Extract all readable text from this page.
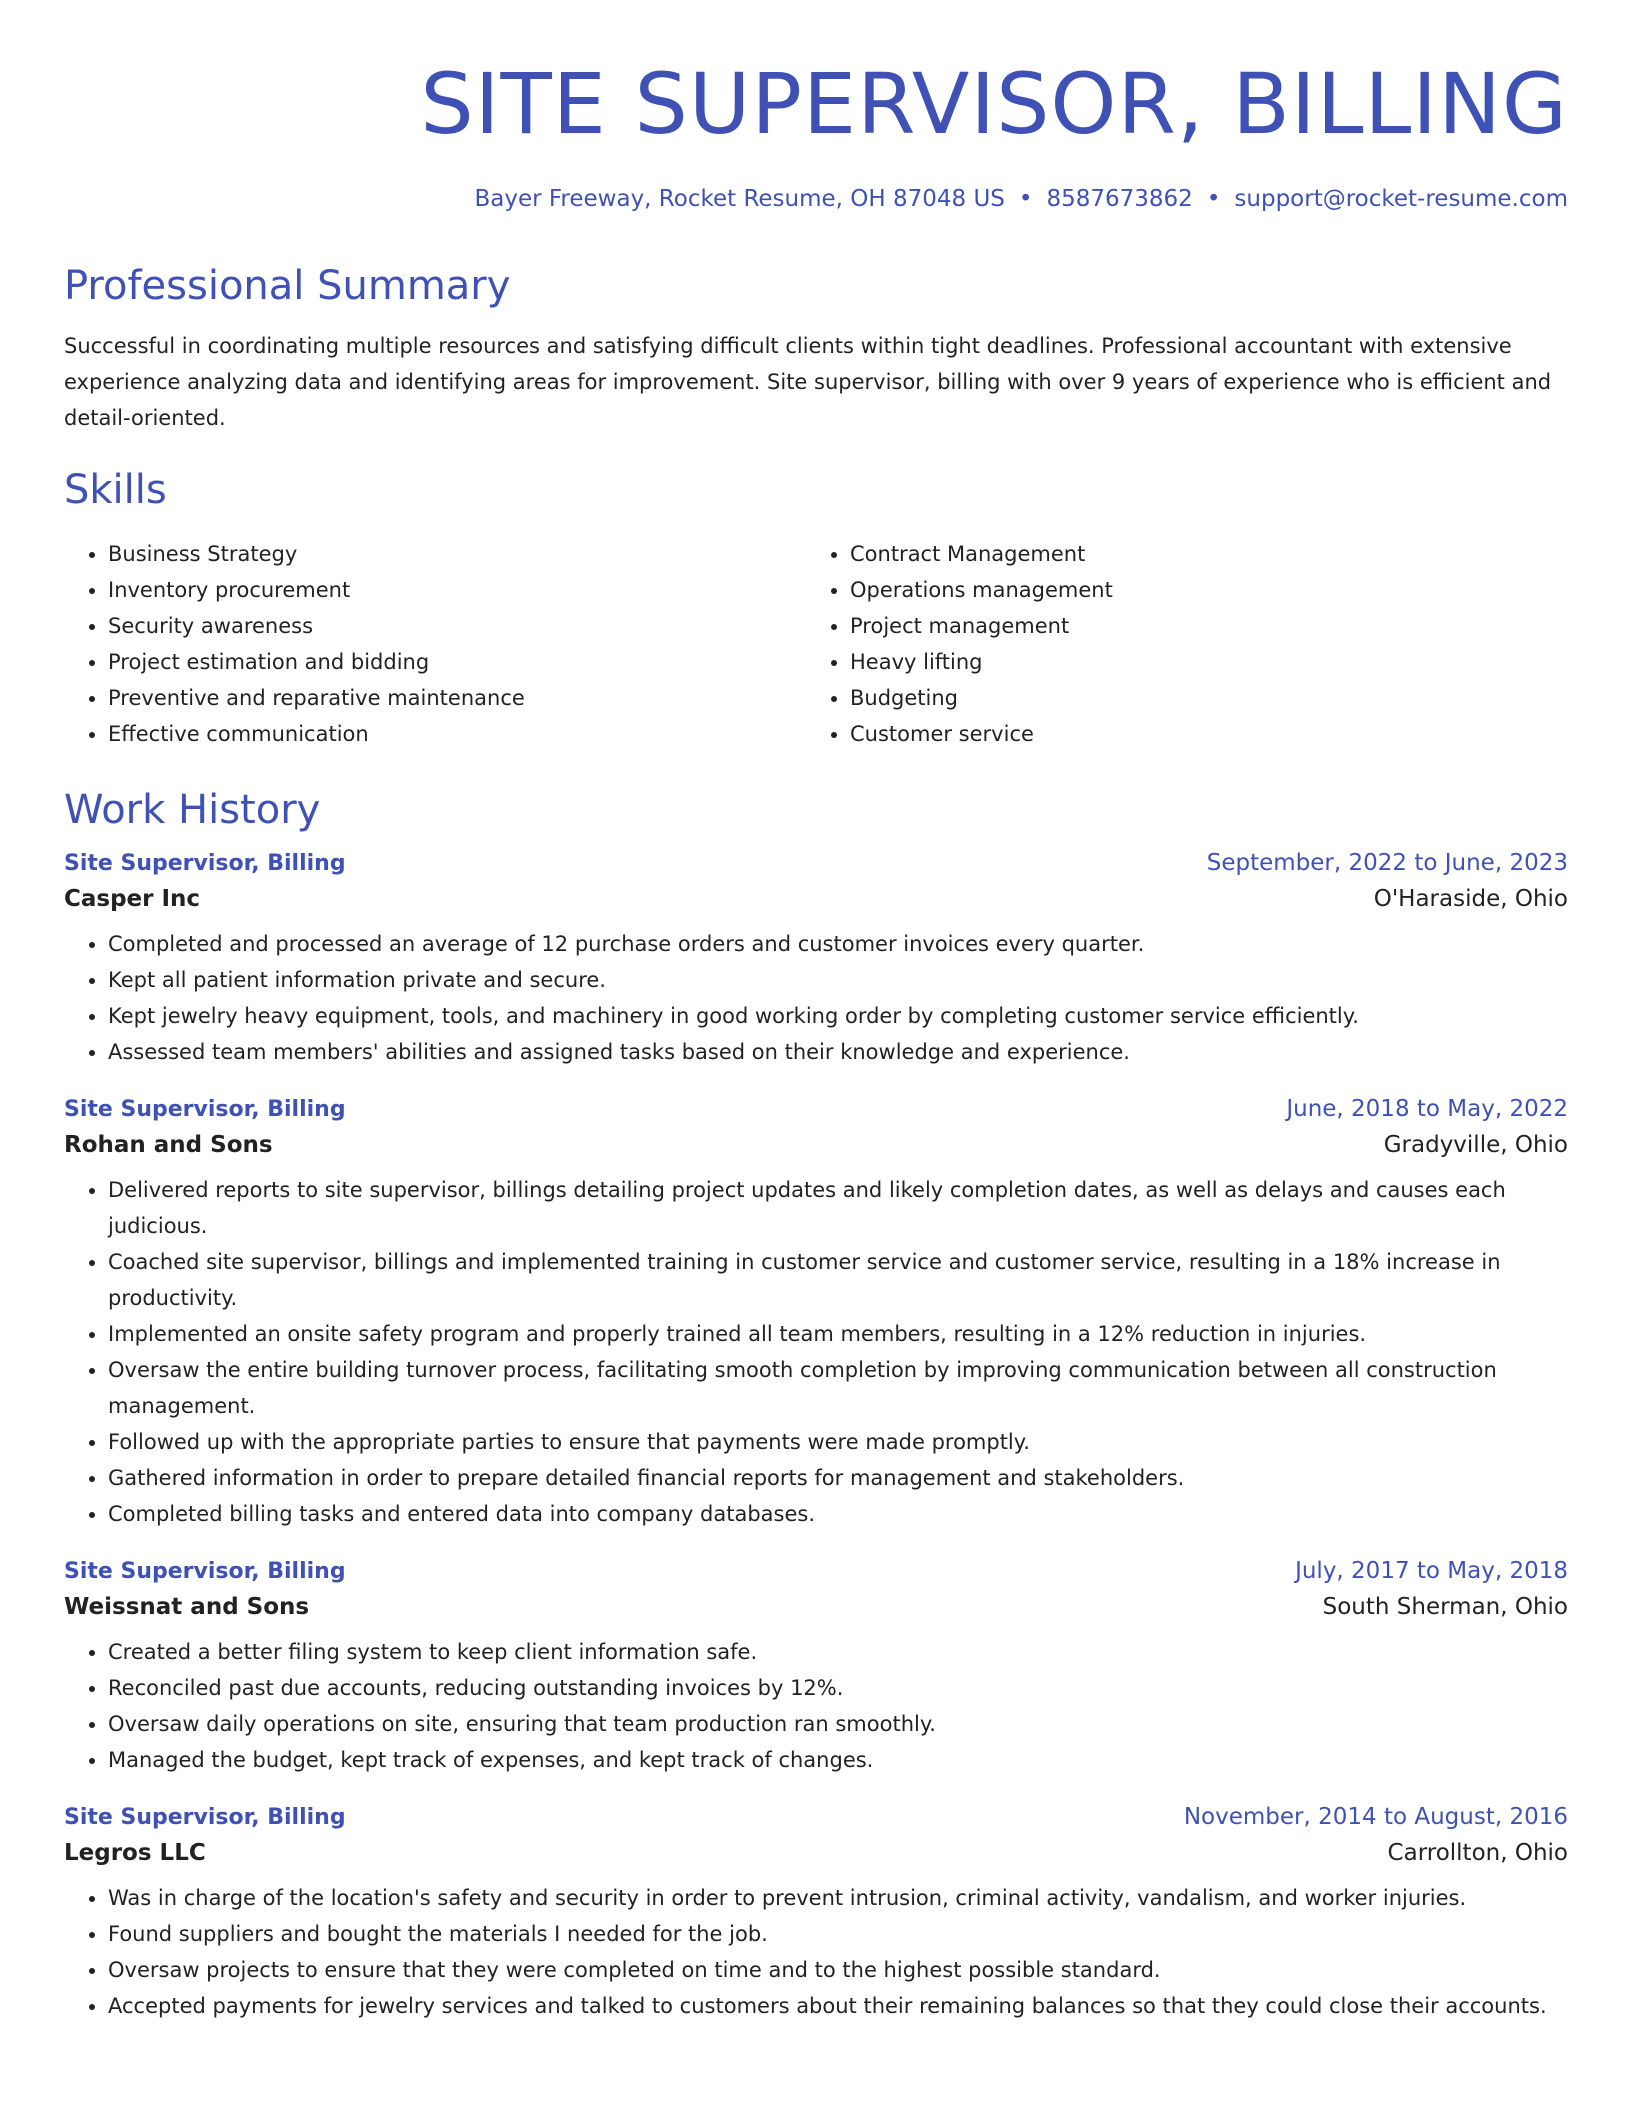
SITE SUPERVISOR, BILLING
Bayer Freeway, Rocket Resume, OH 87048 US • 8587673862 • support@rocket-resume.com
Professional Summary
Successful in coordinating multiple resources and satisfying difficult clients within tight deadlines. Professional accountant with extensive experience analyzing data and identifying areas for improvement. Site supervisor, billing with over 9 years of experience who is efficient and detail-oriented.
Skills
• Business Strategy
• Inventory procurement
• Security awareness
• Project estimation and bidding
• Preventive and reparative maintenance
• Effective communication
• Contract Management
• Operations management
• Project management
• Heavy lifting
• Budgeting
• Customer service
Work History
Site Supervisor, Billing	September, 2022 to June, 2023
Casper Inc	O'Haraside, Ohio
• Completed and processed an average of 12 purchase orders and customer invoices every quarter.
• Kept all patient information private and secure.
• Kept jewelry heavy equipment, tools, and machinery in good working order by completing customer service efficiently.
• Assessed team members' abilities and assigned tasks based on their knowledge and experience.
Site Supervisor, Billing	June, 2018 to May, 2022
Rohan and Sons	Gradyville, Ohio
• Delivered reports to site supervisor, billings detailing project updates and likely completion dates, as well as delays and causes each judicious.
• Coached site supervisor, billings and implemented training in customer service and customer service, resulting in a 18% increase in productivity.
• Implemented an onsite safety program and properly trained all team members, resulting in a 12% reduction in injuries.
• Oversaw the entire building turnover process, facilitating smooth completion by improving communication between all construction management.
• Followed up with the appropriate parties to ensure that payments were made promptly.
• Gathered information in order to prepare detailed financial reports for management and stakeholders.
• Completed billing tasks and entered data into company databases.
Site Supervisor, Billing	July, 2017 to May, 2018
Weissnat and Sons	South Sherman, Ohio
• Created a better filing system to keep client information safe.
• Reconciled past due accounts, reducing outstanding invoices by 12%.
• Oversaw daily operations on site, ensuring that team production ran smoothly.
• Managed the budget, kept track of expenses, and kept track of changes.
Site Supervisor, Billing	November, 2014 to August, 2016
Legros LLC	Carrollton, Ohio
• Was in charge of the location's safety and security in order to prevent intrusion, criminal activity, vandalism, and worker injuries.
• Found suppliers and bought the materials I needed for the job.
• Oversaw projects to ensure that they were completed on time and to the highest possible standard.
• Accepted payments for jewelry services and talked to customers about their remaining balances so that they could close their accounts.
